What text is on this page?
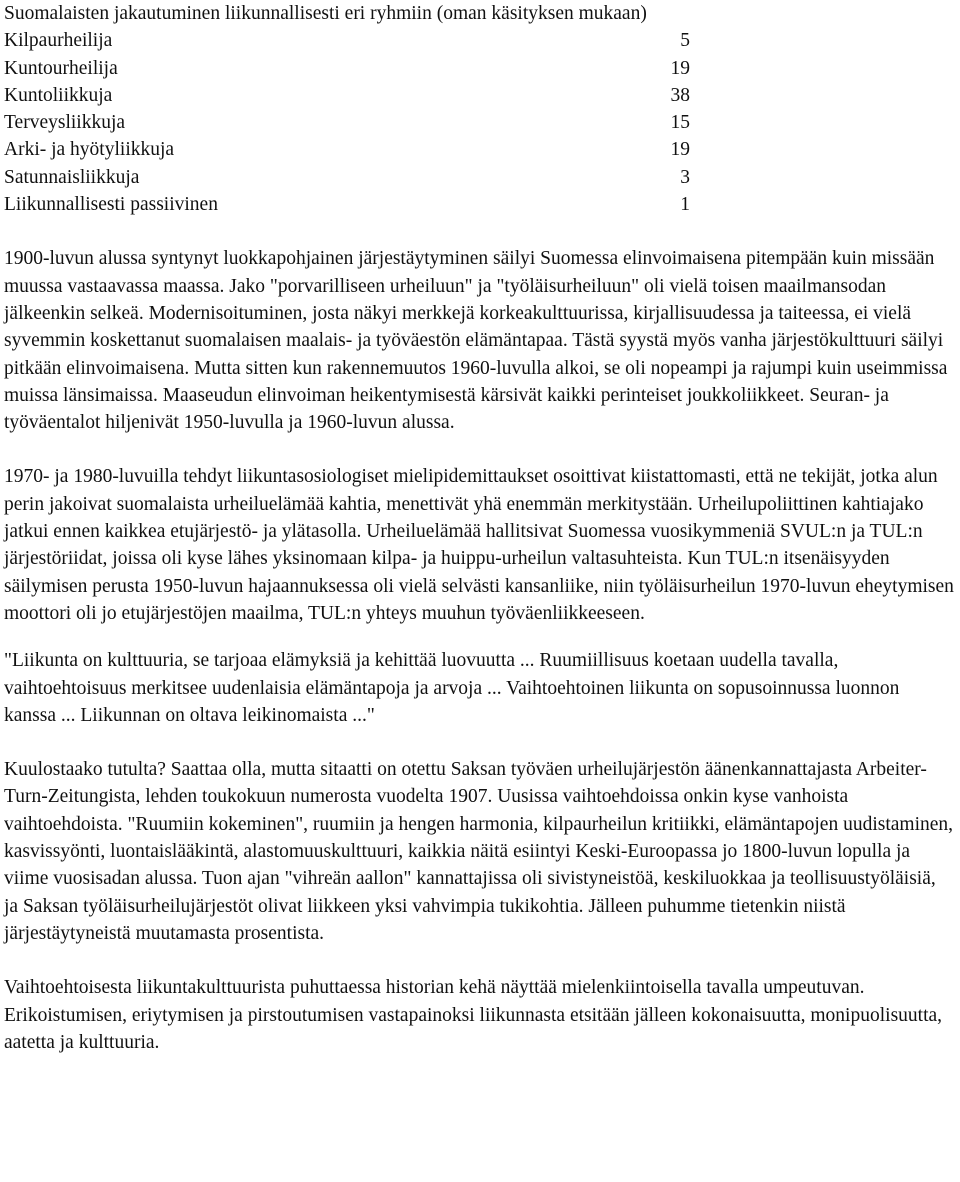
Suomalaisten jakautuminen liikunnallisesti eri ryhmiin (oman käsityksen mukaan)

Kilpaurheilija	5
Kuntourheilija	19
Kuntoliikkuja	38
Terveysliikkuja	15
Arki- ja hyötyliikkuja	19
Satunnaisliikkuja	3
Liikunnallisesti passiivinen	1

1900-luvun alussa syntynyt luokkapohjainen järjestäytyminen säilyi Suomessa elinvoimaisena pitempään kuin missään muussa vastaavassa maassa. Jako "porvarilliseen urheiluun" ja "työläisurheiluun" oli vielä toisen maailmansodan jälkeenkin selkeä. Modernisoituminen, josta näkyi merkkejä korkeakulttuurissa, kirjallisuudessa ja taiteessa, ei vielä syvemmin koskettanut suomalaisen maalais- ja työväestön elämäntapaa. Tästä syystä myös vanha järjestökulttuuri säilyi pitkään elinvoimaisena. Mutta sitten kun rakennemuutos 1960-luvulla alkoi, se oli nopeampi ja rajumpi kuin useimmissa muissa länsimaissa. Maaseudun elinvoiman heikentymisestä kärsivät kaikki perinteiset joukkoliikkeet. Seuran- ja työväentalot hiljenivät 1950-luvulla ja 1960-luvun alussa.

1970- ja 1980-luvuilla tehdyt liikuntasosiologiset mielipidemittaukset osoittivat kiistattomasti, että ne tekijät, jotka alun perin jakoivat suomalaista urheiluelämää kahtia, menettivät yhä enemmän merkitystään. Urheilupoliittinen kahtiajako jatkui ennen kaikkea etujärjestö- ja ylätasolla. Urheiluelämää hallitsivat Suomessa vuosikymmeniä SVUL:n ja TUL:n järjestöriidat, joissa oli kyse lähes yksinomaan kilpa- ja huippu-urheilun valtasuhteista. Kun TUL:n itsenäisyyden säilymisen perusta 1950-luvun hajaannuksessa oli vielä selvästi kansanliike, niin työläisurheilun 1970-luvun eheytymisen moottori oli jo etujärjestöjen maailma, TUL:n yhteys muuhun työväenliikkeeseen.

"Liikunta on kulttuuria, se tarjoaa elämyksiä ja kehittää luovuutta ... Ruumiillisuus koetaan uudella tavalla, vaihtoehtoisuus merkitsee uudenlaisia elämäntapoja ja arvoja ... Vaihtoehtoinen liikunta on sopusoinnussa luonnon kanssa ... Liikunnan on oltava leikinomaista ..."

Kuulostaako tutulta? Saattaa olla, mutta sitaatti on otettu Saksan työväen urheilujärjestön äänenkannattajasta Arbeiter-Turn-Zeitungista, lehden toukokuun numerosta vuodelta 1907. Uusissa vaihtoehdoissa onkin kyse vanhoista vaihtoehdoista. "Ruumiin kokeminen", ruumiin ja hengen harmonia, kilpaurheilun kritiikki, elämäntapojen uudistaminen, kasvissyönti, luontaislääkintä, alastomuuskulttuuri, kaikkia näitä esiintyi Keski-Euroopassa jo 1800-luvun lopulla ja viime vuosisadan alussa. Tuon ajan "vihreän aallon" kannattajissa oli sivistyneistöä, keskiluokkaa ja teollisuustyöläisiä, ja Saksan työläisurheilujärjestöt olivat liikkeen yksi vahvimpia tukikohtia. Jälleen puhumme tietenkin niistä järjestäytyneistä muutamasta prosentista.

Vaihtoehtoisesta liikuntakulttuurista puhuttaessa historian kehä näyttää mielenkiintoisella tavalla umpeutuvan. Erikoistumisen, eriytymisen ja pirstoutumisen vastapainoksi liikunnasta etsitään jälleen kokonaisuutta, monipuolisuutta, aatetta ja kulttuuria.
